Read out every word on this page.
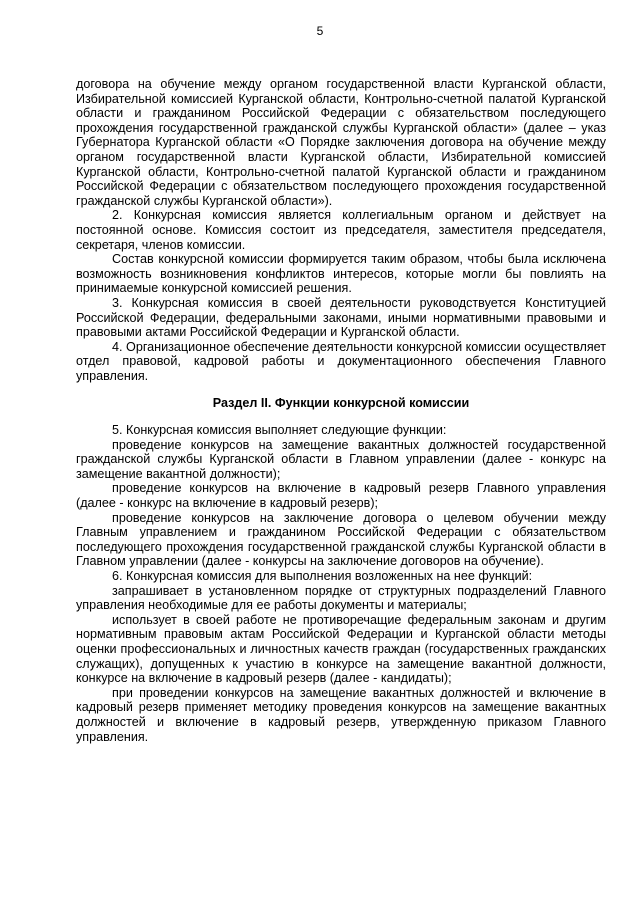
5

договора на обучение между органом государственной власти Курганской области, Избирательной комиссией Курганской области, Контрольно-счетной палатой Курганской области и гражданином Российской Федерации с обязательством последующего прохождения государственной гражданской службы Курганской области» (далее – указ Губернатора Курганской области «О Порядке заключения договора на обучение между органом государственной власти Курганской области, Избирательной комиссией Курганской области, Контрольно-счетной палатой Курганской области и гражданином Российской Федерации с обязательством последующего прохождения государственной гражданской службы Курганской области»).

2. Конкурсная комиссия является коллегиальным органом и действует на постоянной основе. Комиссия состоит из председателя, заместителя председателя, секретаря, членов комиссии.

Состав конкурсной комиссии формируется таким образом, чтобы была исключена возможность возникновения конфликтов интересов, которые могли бы повлиять на принимаемые конкурсной комиссией решения.

3. Конкурсная комиссия в своей деятельности руководствуется Конституцией Российской Федерации, федеральными законами, иными нормативными правовыми и правовыми актами Российской Федерации и Курганской области.

4. Организационное обеспечение деятельности конкурсной комиссии осуществляет отдел правовой, кадровой работы и документационного обеспечения Главного управления.

Раздел II. Функции конкурсной комиссии

5. Конкурсная комиссия выполняет следующие функции:

проведение конкурсов на замещение вакантных должностей государственной гражданской службы Курганской области в Главном управлении (далее - конкурс на замещение вакантной должности);

проведение конкурсов на включение в кадровый резерв Главного управления (далее - конкурс на включение в кадровый резерв);

проведение конкурсов на заключение договора о целевом обучении между Главным управлением и гражданином Российской Федерации с обязательством последующего прохождения государственной гражданской службы Курганской области в Главном управлении (далее - конкурсы на заключение договоров на обучение).

6. Конкурсная комиссия для выполнения возложенных на нее функций:

запрашивает в установленном порядке от структурных подразделений Главного управления необходимые для ее работы документы и материалы;

использует в своей работе не противоречащие федеральным законам и другим нормативным правовым актам Российской Федерации и Курганской области методы оценки профессиональных и личностных качеств граждан (государственных гражданских служащих), допущенных к участию в конкурсе на замещение вакантной должности, конкурсе на включение в кадровый резерв (далее - кандидаты);

при проведении конкурсов на замещение вакантных должностей и включение в кадровый резерв применяет методику проведения конкурсов на замещение вакантных должностей и включение в кадровый резерв, утвержденную приказом Главного управления.
